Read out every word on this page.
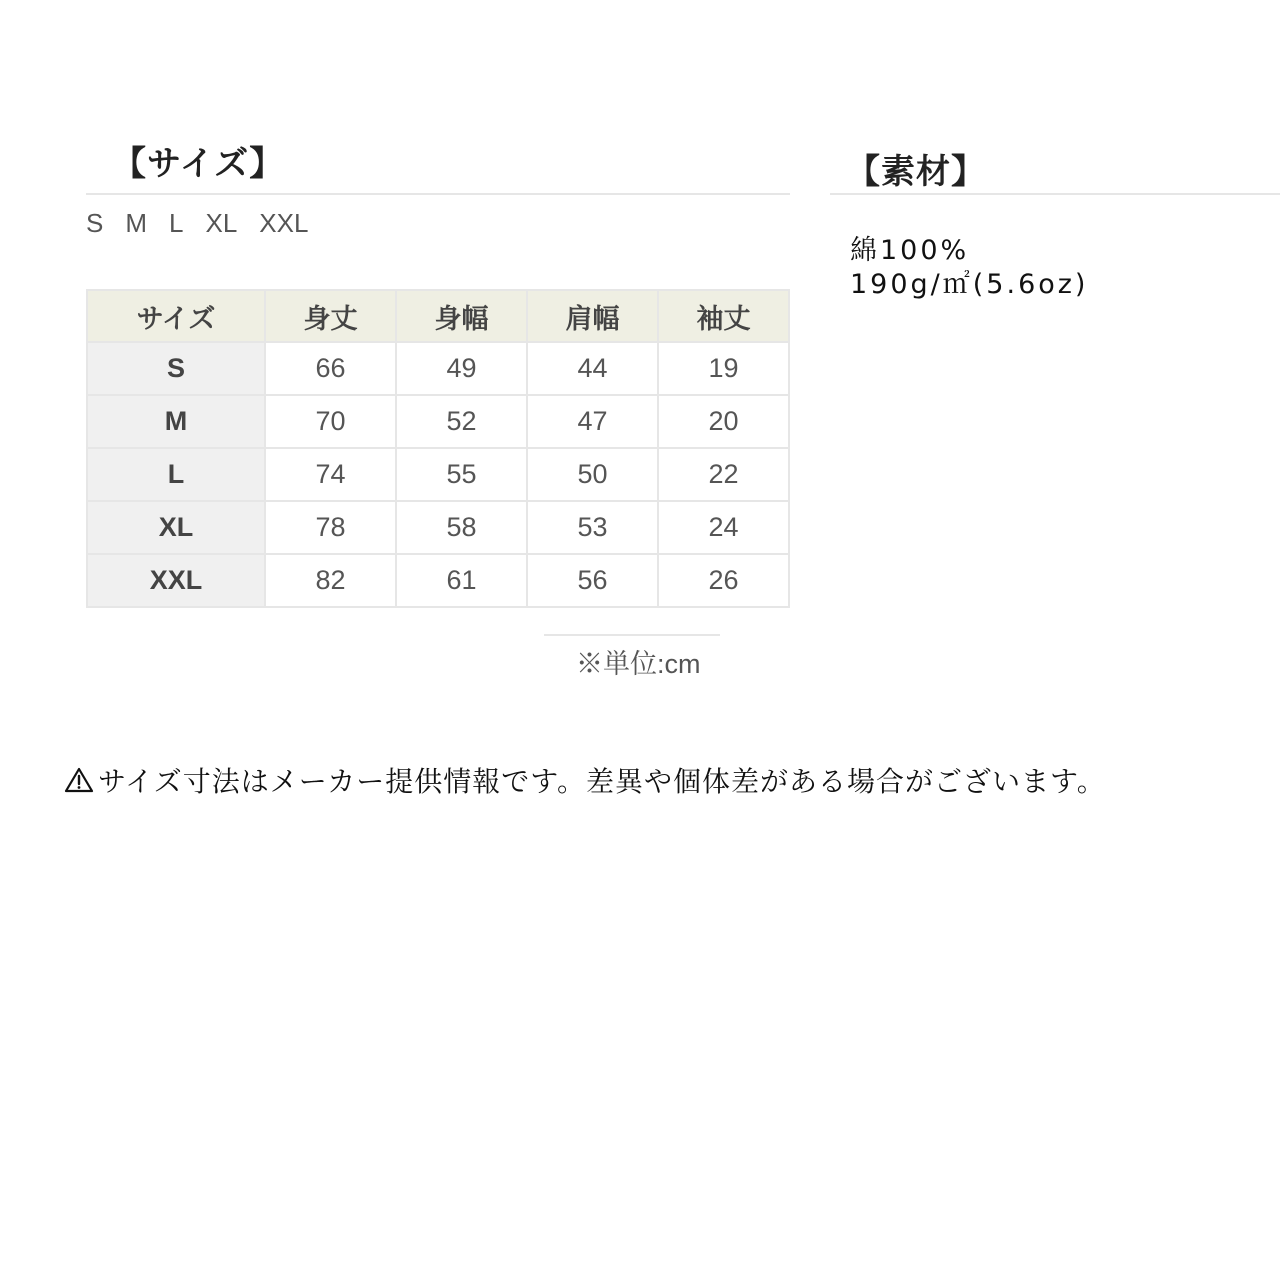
【サイズ】	【素材】
S M L XL XXL
綿100%
190g/㎡(5.6oz)
サイズ	身丈	身幅	肩幅	袖丈
S	66	49	44	19
M	70	52	47	20
L	74	55	50	22
XL	78	58	53	24
XXL	82	61	56	26
※単位:cm
サイズ寸法はメーカー提供情報です。差異や個体差がある場合がございます。
